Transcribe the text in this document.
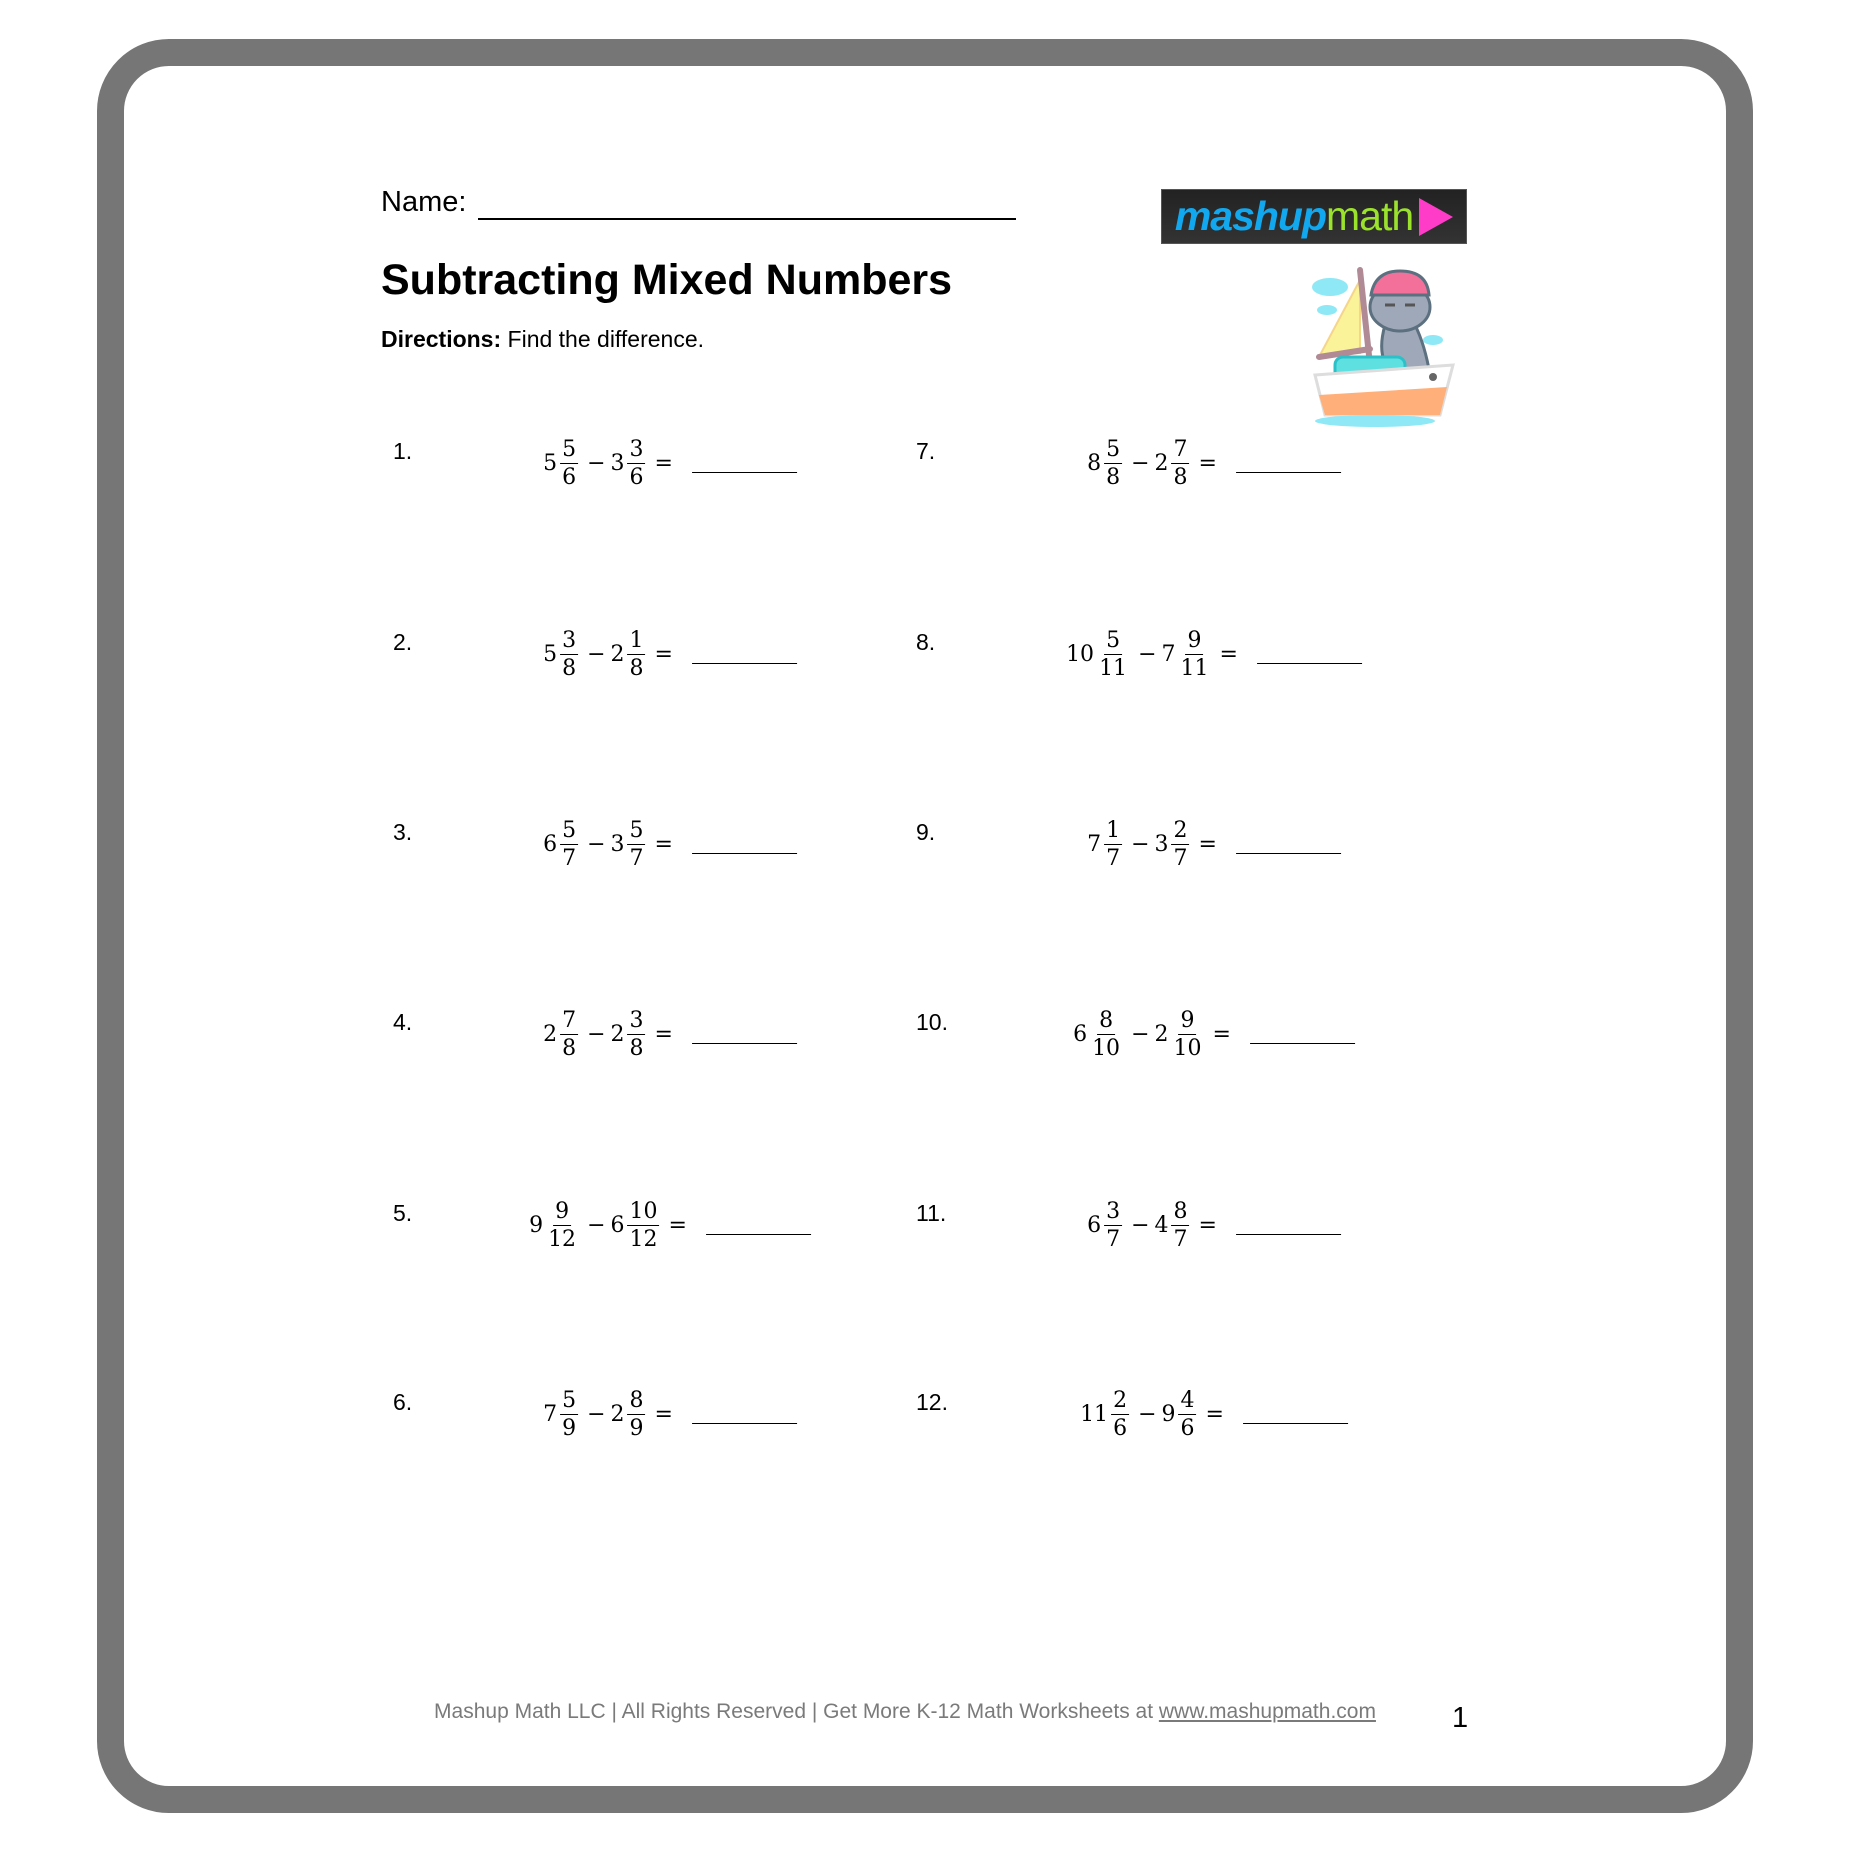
Name:	mashup math
Subtracting Mixed Numbers
Directions: Find the difference.
1.	$5 \frac{5}{6} - 3 \frac{3}{6}$ =
2.	$5 \frac{3}{8} - 2 \frac{1}{8}$ =
3.	$6 \frac{5}{7} - 3 \frac{5}{7}$ =
4.	$2 \frac{7}{8} - 2 \frac{3}{8}$ =
5.	$9 \frac{9}{12} - 6 \frac{10}{12}$ =
6.	$7 \frac{5}{9} - 2 \frac{8}{9}$ =
7.	$8 \frac{5}{8} - 2 \frac{7}{8}$ =
8.	$10 \frac{5}{11} - 7 \frac{9}{11}$ =
9.	$7 \frac{1}{7} - 3 \frac{2}{7}$ =
10.	$6 \frac{8}{10} - 2 \frac{9}{10}$ =
11.	$6 \frac{3}{7} - 4 \frac{8}{7}$ =
12.	$11 \frac{2}{6} - 9 \frac{4}{6}$ =
Mashup Math LLC | All Rights Reserved | Get More K-12 Math Worksheets at www.mashupmath.com	1
